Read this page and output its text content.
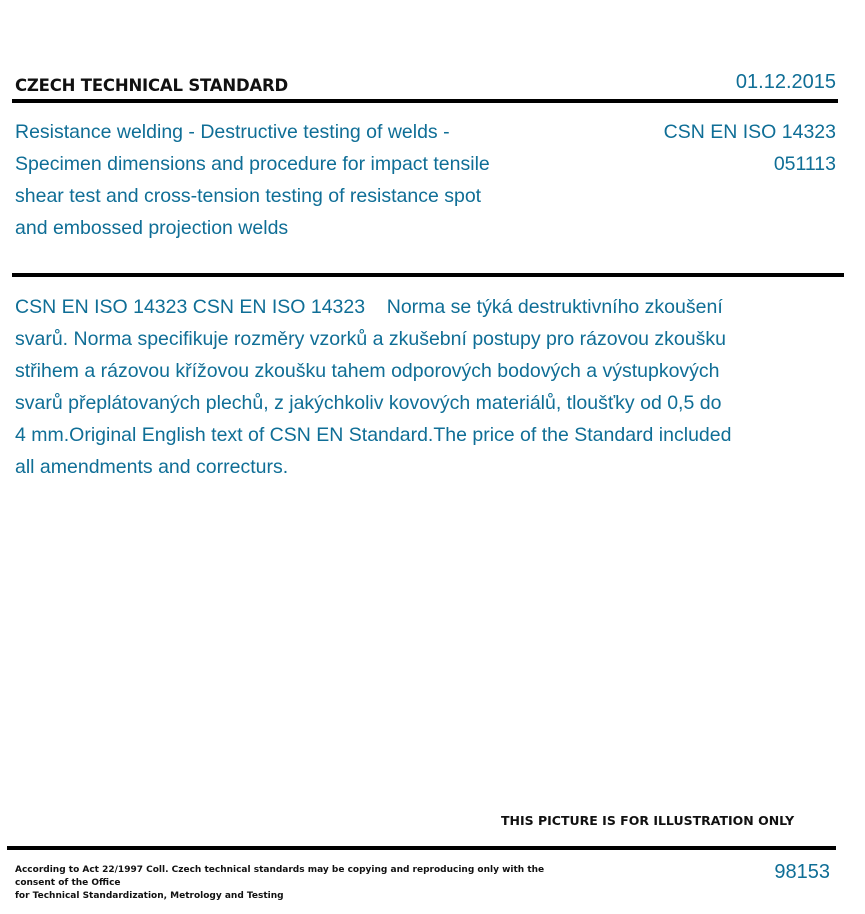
CZECH TECHNICAL STANDARD	01.12.2015
Resistance welding - Destructive testing of welds - Specimen dimensions and procedure for impact tensile shear test and cross-tension testing of resistance spot and embossed projection welds
CSN EN ISO 14323
051113
CSN EN ISO 14323 CSN EN ISO 14323    Norma se týká destruktivního zkoušení svarů. Norma specifikuje rozměry vzorků a zkušební postupy pro rázovou zkoušku střihem a rázovou křížovou zkoušku tahem odporových bodových a výstupkových svarů přeplátovaných plechů, z jakýchkoliv kovových materiálů, tloušťky od 0,5 do 4 mm.Original English text of CSN EN Standard.The price of the Standard included all amendments and correcturs.
THIS PICTURE IS FOR ILLUSTRATION ONLY
According to Act 22/1997 Coll. Czech technical standards may be copying and reproducing only with the consent of the Office
for Technical Standardization, Metrology and Testing
98153
